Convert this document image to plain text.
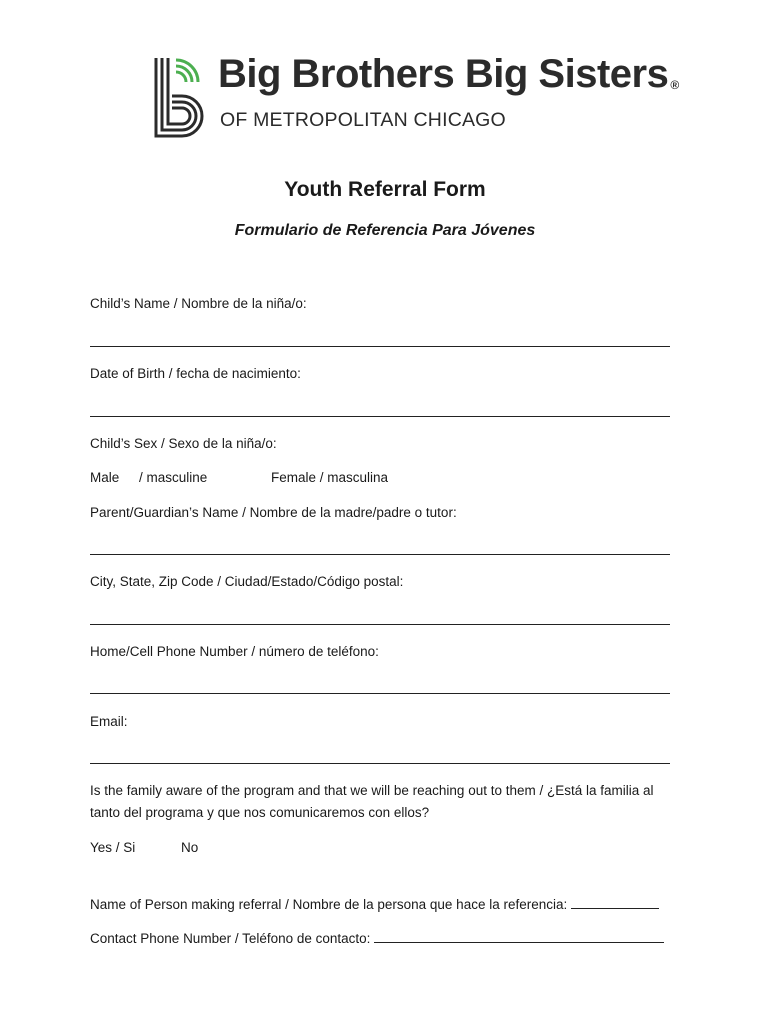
Big Brothers Big Sisters ®
OF METROPOLITAN CHICAGO
Youth Referral Form
Formulario de Referencia Para Jóvenes
Child’s Name / Nombre de la niña/o:
Date of Birth / fecha de nacimiento:
Child’s Sex / Sexo de la niña/o:
Male / masculine	Female / masculina
Parent/Guardian’s Name / Nombre de la madre/padre o tutor:
City, State, Zip Code / Ciudad/Estado/Código postal:
Home/Cell Phone Number / número de teléfono:
Email:
Is the family aware of the program and that we will be reaching out to them / ¿Está la familia al
tanto del programa y que nos comunicaremos con ellos?
Yes / Si	No
Name of Person making referral / Nombre de la persona que hace la referencia:
Contact Phone Number / Teléfono de contacto:
